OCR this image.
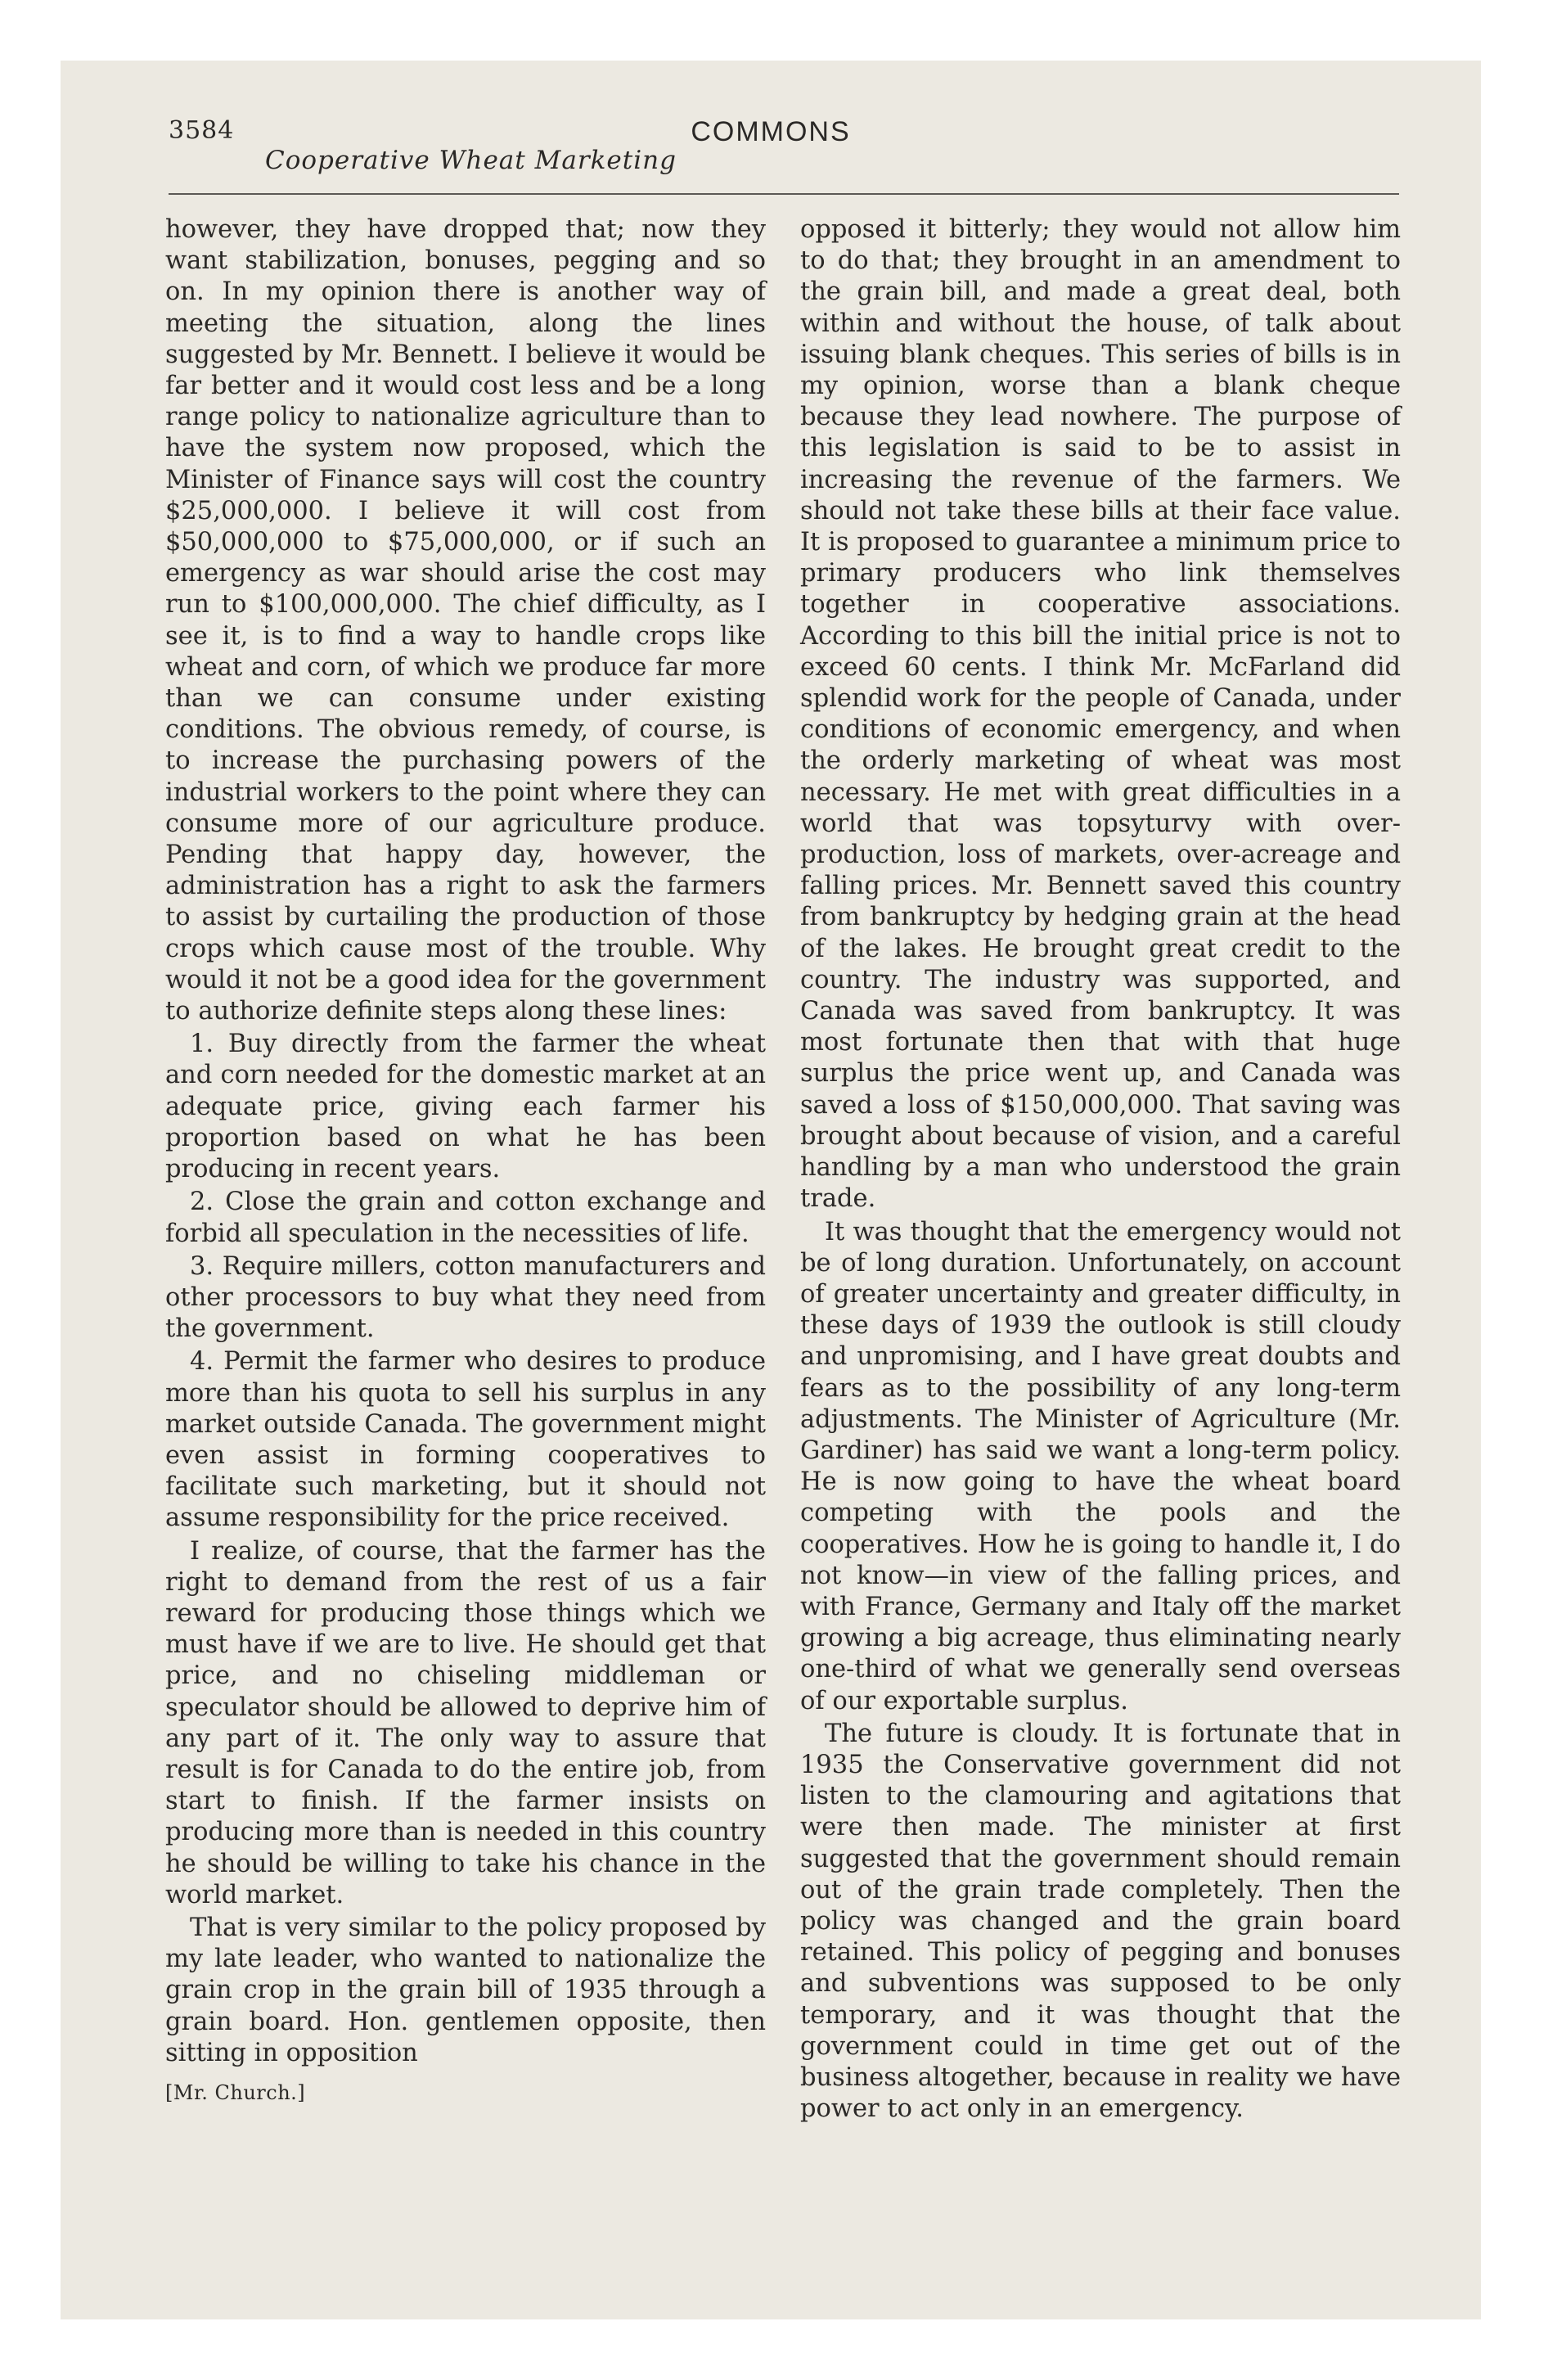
3584	COMMONS
Cooperative Wheat Marketing

however, they have dropped that; now they want stabilization, bonuses, pegging and so on. In my opinion there is another way of meeting the situation, along the lines suggested by Mr. Bennett. I believe it would be far better and it would cost less and be a long range policy to nationalize agriculture than to have the system now proposed, which the Minister of Finance says will cost the country $25,000,000. I believe it will cost from $50,000,000 to $75,000,000, or if such an emergency as war should arise the cost may run to $100,000,000. The chief difficulty, as I see it, is to find a way to handle crops like wheat and corn, of which we produce far more than we can consume under existing conditions. The obvious remedy, of course, is to increase the purchasing powers of the industrial workers to the point where they can consume more of our agriculture produce. Pending that happy day, however, the administration has a right to ask the farmers to assist by curtailing the production of those crops which cause most of the trouble. Why would it not be a good idea for the government to authorize definite steps along these lines:

1. Buy directly from the farmer the wheat and corn needed for the domestic market at an adequate price, giving each farmer his proportion based on what he has been producing in recent years.

2. Close the grain and cotton exchange and forbid all speculation in the necessities of life.

3. Require millers, cotton manufacturers and other processors to buy what they need from the government.

4. Permit the farmer who desires to produce more than his quota to sell his surplus in any market outside Canada. The government might even assist in forming cooperatives to facilitate such marketing, but it should not assume responsibility for the price received.

I realize, of course, that the farmer has the right to demand from the rest of us a fair reward for producing those things which we must have if we are to live. He should get that price, and no chiseling middleman or speculator should be allowed to deprive him of any part of it. The only way to assure that result is for Canada to do the entire job, from start to finish. If the farmer insists on producing more than is needed in this country he should be willing to take his chance in the world market.

That is very similar to the policy proposed by my late leader, who wanted to nationalize the grain crop in the grain bill of 1935 through a grain board. Hon. gentlemen opposite, then sitting in opposition

[Mr. Church.]

opposed it bitterly; they would not allow him to do that; they brought in an amendment to the grain bill, and made a great deal, both within and without the house, of talk about issuing blank cheques. This series of bills is in my opinion, worse than a blank cheque because they lead nowhere. The purpose of this legislation is said to be to assist in increasing the revenue of the farmers. We should not take these bills at their face value. It is proposed to guarantee a minimum price to primary producers who link themselves together in cooperative associations. According to this bill the initial price is not to exceed 60 cents. I think Mr. McFarland did splendid work for the people of Canada, under conditions of economic emergency, and when the orderly marketing of wheat was most necessary. He met with great difficulties in a world that was topsyturvy with over-production, loss of markets, over-acreage and falling prices. Mr. Bennett saved this country from bankruptcy by hedging grain at the head of the lakes. He brought great credit to the country. The industry was supported, and Canada was saved from bankruptcy. It was most fortunate then that with that huge surplus the price went up, and Canada was saved a loss of $150,000,000. That saving was brought about because of vision, and a careful handling by a man who understood the grain trade.

It was thought that the emergency would not be of long duration. Unfortunately, on account of greater uncertainty and greater difficulty, in these days of 1939 the outlook is still cloudy and unpromising, and I have great doubts and fears as to the possibility of any long-term adjustments. The Minister of Agriculture (Mr. Gardiner) has said we want a long-term policy. He is now going to have the wheat board competing with the pools and the cooperatives. How he is going to handle it, I do not know—in view of the falling prices, and with France, Germany and Italy off the market growing a big acreage, thus eliminating nearly one-third of what we generally send overseas of our exportable surplus.

The future is cloudy. It is fortunate that in 1935 the Conservative government did not listen to the clamouring and agitations that were then made. The minister at first suggested that the government should remain out of the grain trade completely. Then the policy was changed and the grain board retained. This policy of pegging and bonuses and subventions was supposed to be only temporary, and it was thought that the government could in time get out of the business altogether, because in reality we have power to act only in an emergency.
